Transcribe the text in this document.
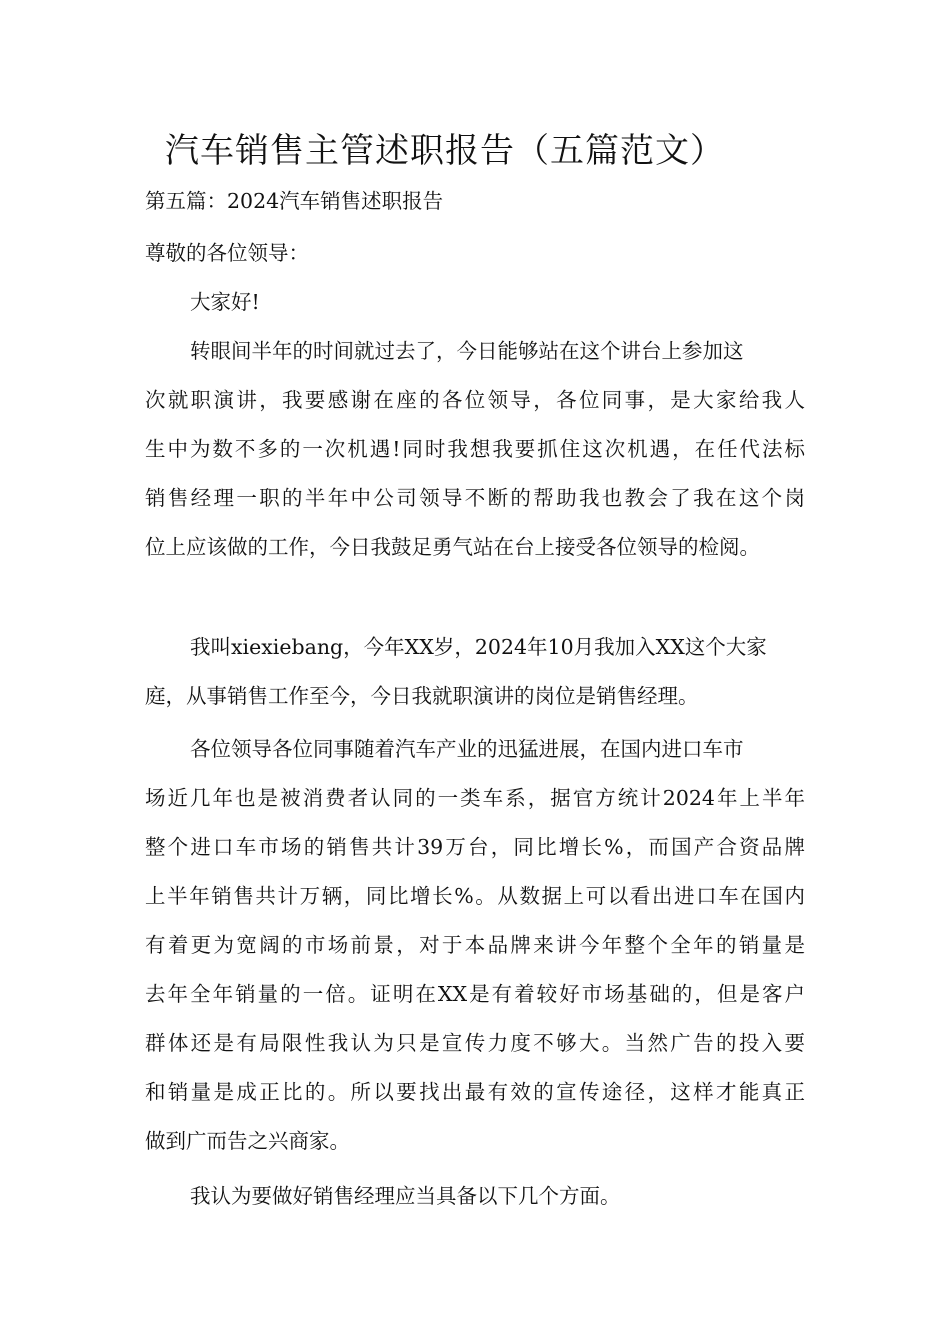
汽车销售主管述职报告（五篇范文）
第五篇：2024汽车销售述职报告
尊敬的各位领导：
大家好!
转眼间半年的时间就过去了，今日能够站在这个讲台上参加这
次就职演讲，我要感谢在座的各位领导，各位同事，是大家给我人
生中为数不多的一次机遇!同时我想我要抓住这次机遇，在任代法标
销售经理一职的半年中公司领导不断的帮助我也教会了我在这个岗
位上应该做的工作，今日我鼓足勇气站在台上接受各位领导的检阅。
我叫xiexiebang，今年XX岁，2024年10月我加入XX这个大家
庭，从事销售工作至今，今日我就职演讲的岗位是销售经理。
各位领导各位同事随着汽车产业的迅猛进展，在国内进口车市
场近几年也是被消费者认同的一类车系，据官方统计2024年上半年
整个进口车市场的销售共计39万台，同比增长%，而国产合资品牌
上半年销售共计万辆，同比增长%。从数据上可以看出进口车在国内
有着更为宽阔的市场前景，对于本品牌来讲今年整个全年的销量是
去年全年销量的一倍。证明在XX是有着较好市场基础的，但是客户
群体还是有局限性我认为只是宣传力度不够大。当然广告的投入要
和销量是成正比的。所以要找出最有效的宣传途径，这样才能真正
做到广而告之兴商家。
我认为要做好销售经理应当具备以下几个方面。
